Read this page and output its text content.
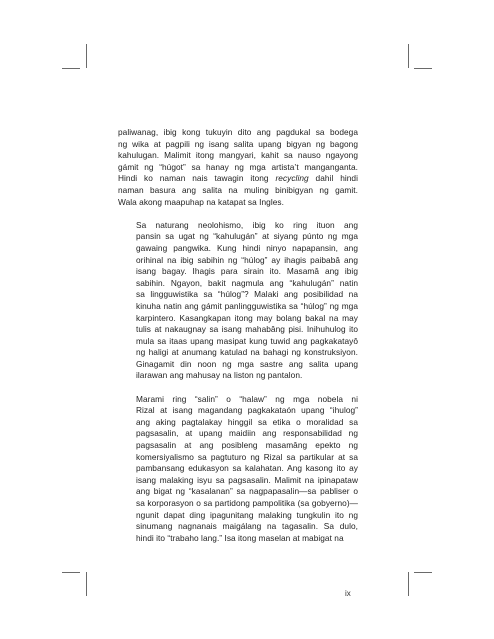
paliwanag, ibig kong tukuyin dito ang pagdukal sa bodega
ng wika at pagpili ng isang salita upang bigyan ng bagong
kahulugan. Malimit itong mangyari, kahit sa nauso ngayong
gámit ng “húgot” sa hanay ng mga artista’t manganganta.
Hindi ko naman nais tawagin itong recycling dahil hindi
naman basura ang salita na muling binibigyan ng gamit.
Wala akong maapuhap na katapat sa Ingles.

Sa naturang neolohismo, ibig ko ring ituon ang
pansin sa ugat ng “kahulugán” at siyang púnto ng mga
gawaing pangwika. Kung hindi ninyo napapansin, ang
orihinal na ibig sabihin ng “húlog” ay ihagis paibabâ ang
isang bagay. Ihagis para sirain ito. Masamâ ang ibig
sabihin. Ngayon, bakit nagmula ang “kahulugán” natin
sa lingguwistika sa “húlog”? Malaki ang posibilidad na
kinuha natin ang gámit panlingguwistika sa “húlog” ng mga
karpintero. Kasangkapan itong may bolang bakal na may
tulis at nakaugnay sa isang mahabâng pisi. Inihuhulog ito
mula sa itaas upang masipat kung tuwid ang pagkakatayô
ng haligi at anumang katulad na bahagi ng konstruksiyon.
Ginagamit din noon ng mga sastre ang salita upang
ilarawan ang mahusay na liston ng pantalon.

Marami ring “salin” o “halaw” ng mga nobela ni
Rizal at isang magandang pagkakataón upang “ihulog”
ang aking pagtalakay hinggil sa etika o moralidad sa
pagsasalin, at upang maidiin ang responsabilidad ng
pagsasalin at ang posibleng masamâng epekto ng
komersiyalismo sa pagtuturo ng Rizal sa partikular at sa
pambansang edukasyon sa kalahatan. Ang kasong ito ay
isang malaking isyu sa pagsasalin. Malimit na ipinapataw
ang bigat ng “kasalanan” sa nagpapasalin—sa pabliser o
sa korporasyon o sa partidong pampolitika (sa gobyerno)—
ngunit dapat ding ipagunitang malaking tungkulin ito ng
sinumang nagnanais maigálang na tagasalin. Sa dulo,
hindi ito “trabaho lang.” Isa itong maselan at mabigat na

ix
